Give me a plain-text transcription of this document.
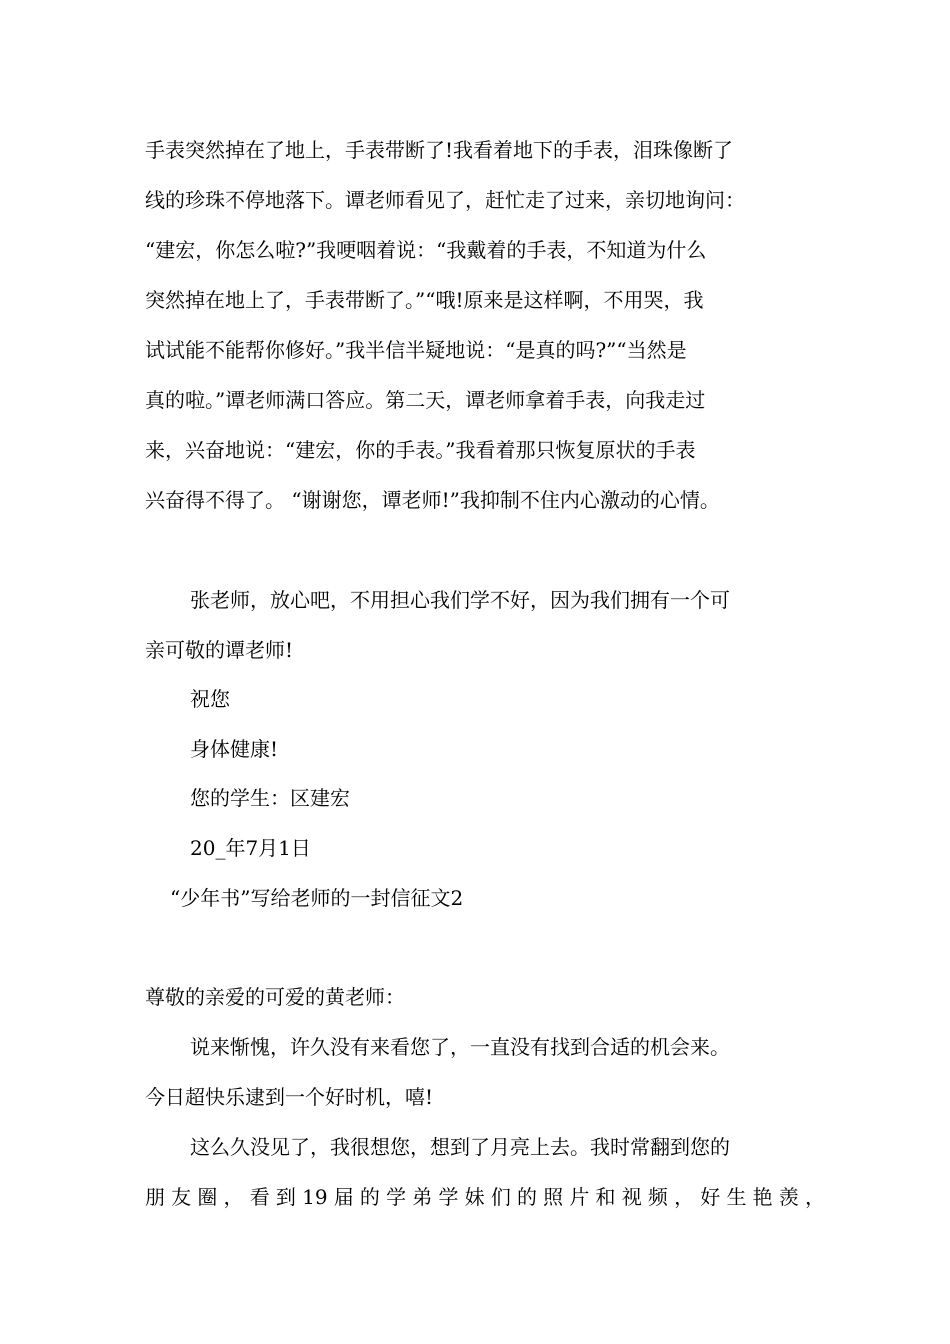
手表突然掉在了地上，手表带断了!我看着地下的手表，泪珠像断了
线的珍珠不停地落下。谭老师看见了，赶忙走了过来，亲切地询问：
“建宏，你怎么啦?”我哽咽着说：“我戴着的手表，不知道为什么
突然掉在地上了，手表带断了。”“哦!原来是这样啊，不用哭，我
试试能不能帮你修好。”我半信半疑地说：“是真的吗?”“当然是
真的啦。”谭老师满口答应。第二天，谭老师拿着手表，向我走过
来，兴奋地说：“建宏，你的手表。”我看着那只恢复原状的手表
兴奋得不得了。 “谢谢您，谭老师!”我抑制不住内心激动的心情。
张老师，放心吧，不用担心我们学不好，因为我们拥有一个可
亲可敬的谭老师!
祝您
身体健康!
您的学生：区建宏
20_年7月1日
“少年书”写给老师的一封信征文2
尊敬的亲爱的可爱的黄老师：
说来惭愧，许久没有来看您了，一直没有找到合适的机会来。
今日超快乐逮到一个好时机，嘻!
这么久没见了，我很想您，想到了月亮上去。我时常翻到您的
朋友圈，看到19届的学弟学妹们的照片和视频，好生艳羡，
